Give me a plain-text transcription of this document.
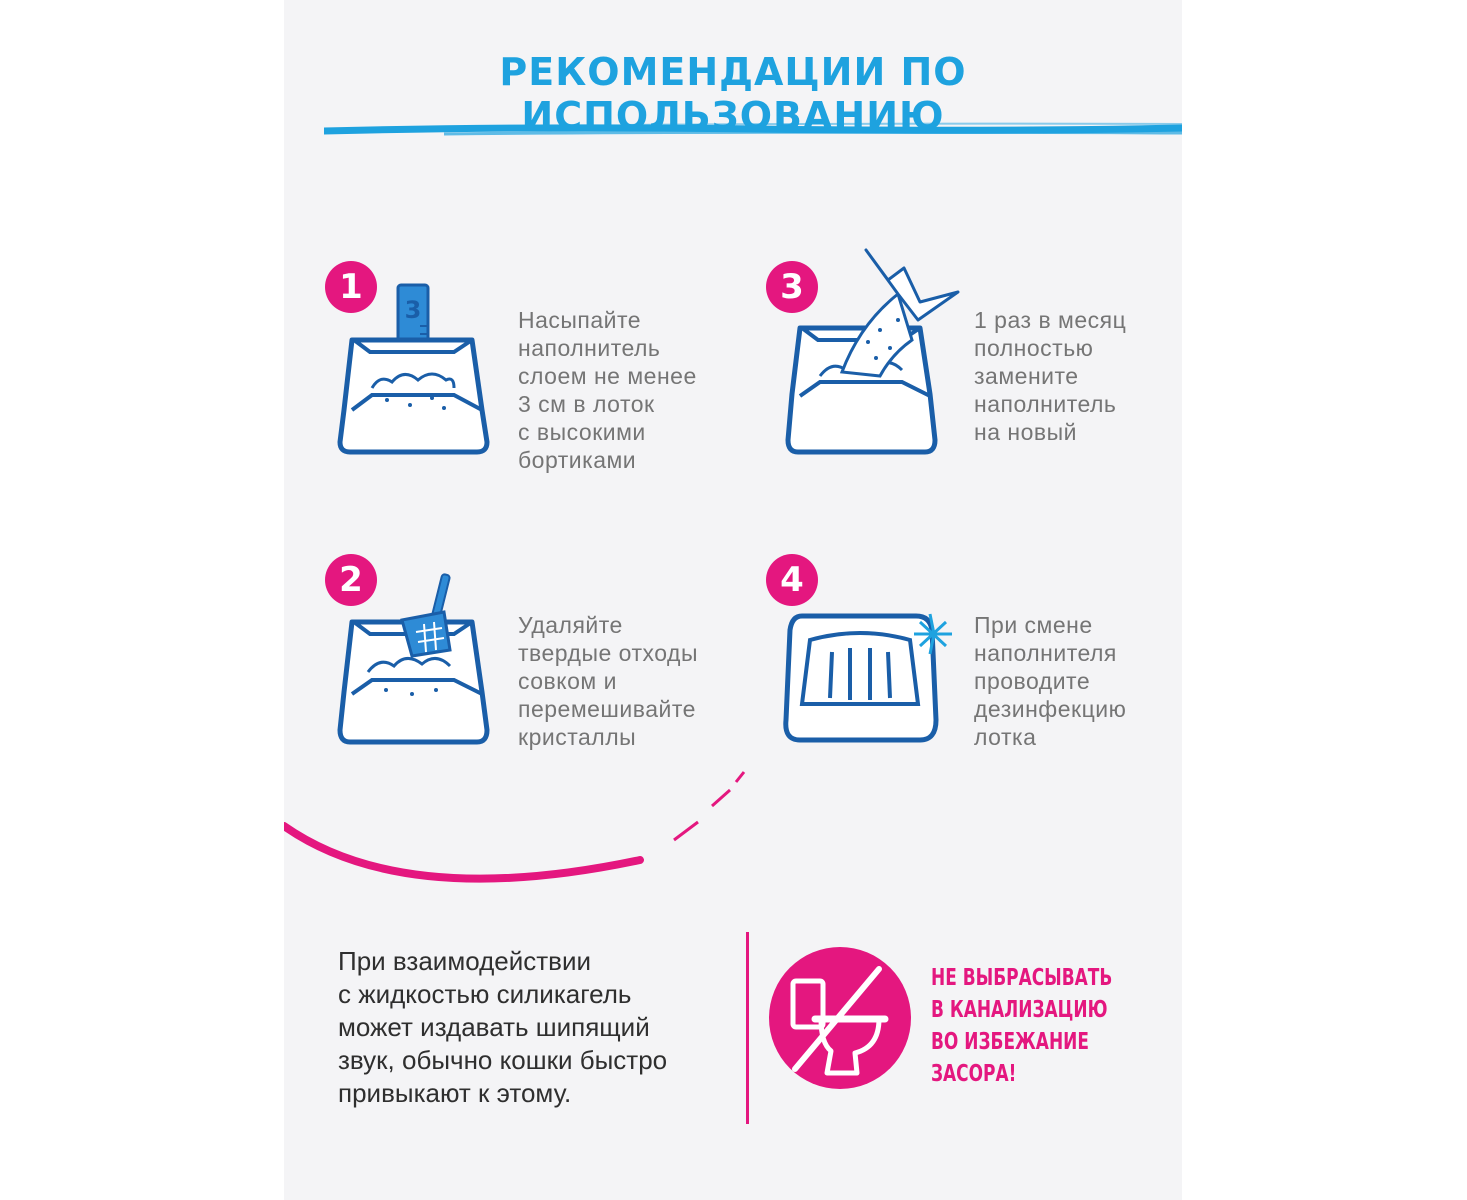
РЕКОМЕНДАЦИИ ПО ИСПОЛЬЗОВАНИЮ
1
3	Насыпайте
наполнитель
слоем не менее
3 см в лоток
с высокими
бортиками
2
Удаляйте
твердые отходы
совком и
перемешивайте
кристаллы
3
1 раз в месяц
полностью
замените
наполнитель
на новый
4
При смене
наполнителя
проводите
дезинфекцию
лотка
При взаимодействии
с жидкостью силикагель
может издавать шипящий
звук, обычно кошки быстро
привыкают к этому.
НЕ ВЫБРАСЫВАТЬ
В КАНАЛИЗАЦИЮ
ВО ИЗБЕЖАНИЕ
ЗАСОРА!
